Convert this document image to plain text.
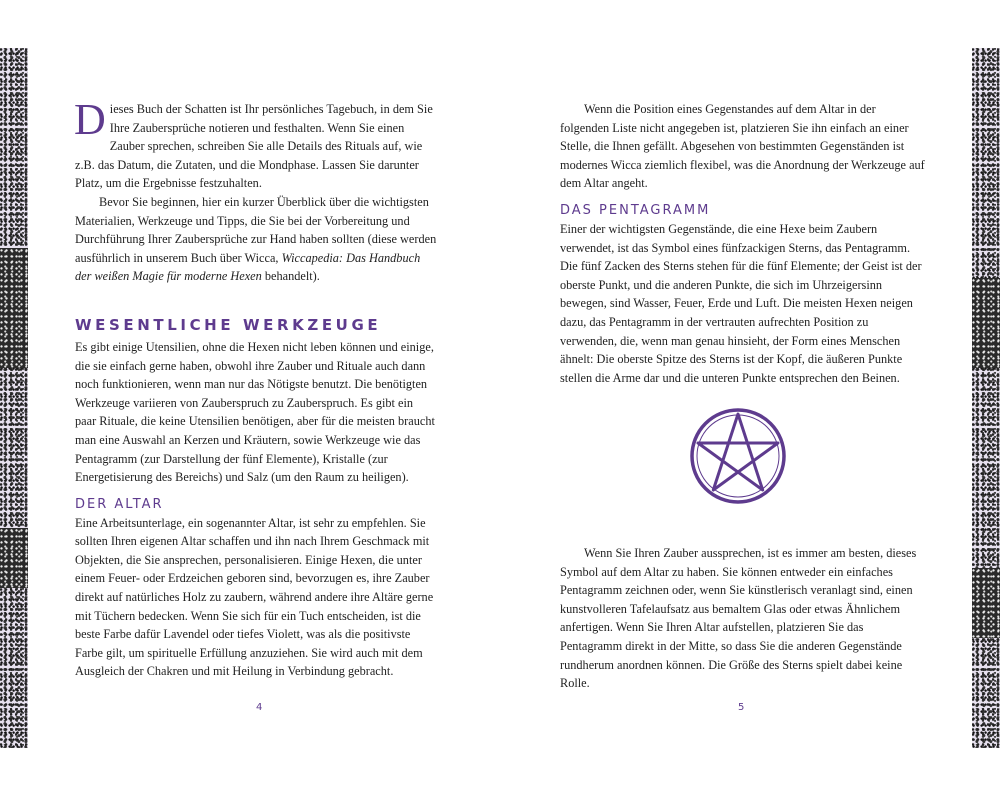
Dieses Buch der Schatten ist Ihr persönliches Tagebuch, in dem Sie Ihre Zaubersprüche notieren und festhalten. Wenn Sie einen Zauber sprechen, schreiben Sie alle Details des Rituals auf, wie z.B. das Datum, die Zutaten, und die Mondphase. Lassen Sie darunter Platz, um die Ergebnisse festzuhalten.

Bevor Sie beginnen, hier ein kurzer Überblick über die wichtigsten Materialien, Werkzeuge und Tipps, die Sie bei der Vorbereitung und Durchführung Ihrer Zaubersprüche zur Hand haben sollten (diese werden ausführlich in unserem Buch über Wicca, Wiccapedia: Das Handbuch der weißen Magie für moderne Hexen behandelt).

WESENTLICHE WERKZEUGE

Es gibt einige Utensilien, ohne die Hexen nicht leben können und einige, die sie einfach gerne haben, obwohl ihre Zauber und Rituale auch dann noch funktionieren, wenn man nur das Nötigste benutzt. Die benötigten Werkzeuge variieren von Zauberspruch zu Zauberspruch. Es gibt ein paar Rituale, die keine Utensilien benötigen, aber für die meisten braucht man eine Auswahl an Kerzen und Kräutern, sowie Werkzeuge wie das Pentagramm (zur Darstellung der fünf Elemente), Kristalle (zur Energetisierung des Bereichs) und Salz (um den Raum zu heiligen).

DER ALTAR

Eine Arbeitsunterlage, ein sogenannter Altar, ist sehr zu empfehlen. Sie sollten Ihren eigenen Altar schaffen und ihn nach Ihrem Geschmack mit Objekten, die Sie ansprechen, personalisieren. Einige Hexen, die unter einem Feuer- oder Erdzeichen geboren sind, bevorzugen es, ihre Zauber direkt auf natürliches Holz zu zaubern, während andere ihre Altäre gerne mit Tüchern bedecken. Wenn Sie sich für ein Tuch entscheiden, ist die beste Farbe dafür Lavendel oder tiefes Violett, was als die positivste Farbe gilt, um spirituelle Erfüllung anzuziehen. Sie wird auch mit dem Ausgleich der Chakren und mit Heilung in Verbindung gebracht.

Wenn die Position eines Gegenstandes auf dem Altar in der folgenden Liste nicht angegeben ist, platzieren Sie ihn einfach an einer Stelle, die Ihnen gefällt. Abgesehen von bestimmten Gegenständen ist modernes Wicca ziemlich flexibel, was die Anordnung der Werkzeuge auf dem Altar angeht.

DAS PENTAGRAMM

Einer der wichtigsten Gegenstände, die eine Hexe beim Zaubern verwendet, ist das Symbol eines fünfzackigen Sterns, das Pentagramm. Die fünf Zacken des Sterns stehen für die fünf Elemente; der Geist ist der oberste Punkt, und die anderen Punkte, die sich im Uhrzeigersinn bewegen, sind Wasser, Feuer, Erde und Luft. Die meisten Hexen neigen dazu, das Pentagramm in der vertrauten aufrechten Position zu verwenden, die, wenn man genau hinsieht, der Form eines Menschen ähnelt: Die oberste Spitze des Sterns ist der Kopf, die äußeren Punkte stellen die Arme dar und die unteren Punkte entsprechen den Beinen.

Wenn Sie Ihren Zauber aussprechen, ist es immer am besten, dieses Symbol auf dem Altar zu haben. Sie können entweder ein einfaches Pentagramm zeichnen oder, wenn Sie künstlerisch veranlagt sind, einen kunstvolleren Tafelaufsatz aus bemaltem Glas oder etwas Ähnlichem anfertigen. Wenn Sie Ihren Altar aufstellen, platzieren Sie das Pentagramm direkt in der Mitte, so dass Sie die anderen Gegenstände rundherum anordnen können. Die Größe des Sterns spielt dabei keine Rolle.

4	5
